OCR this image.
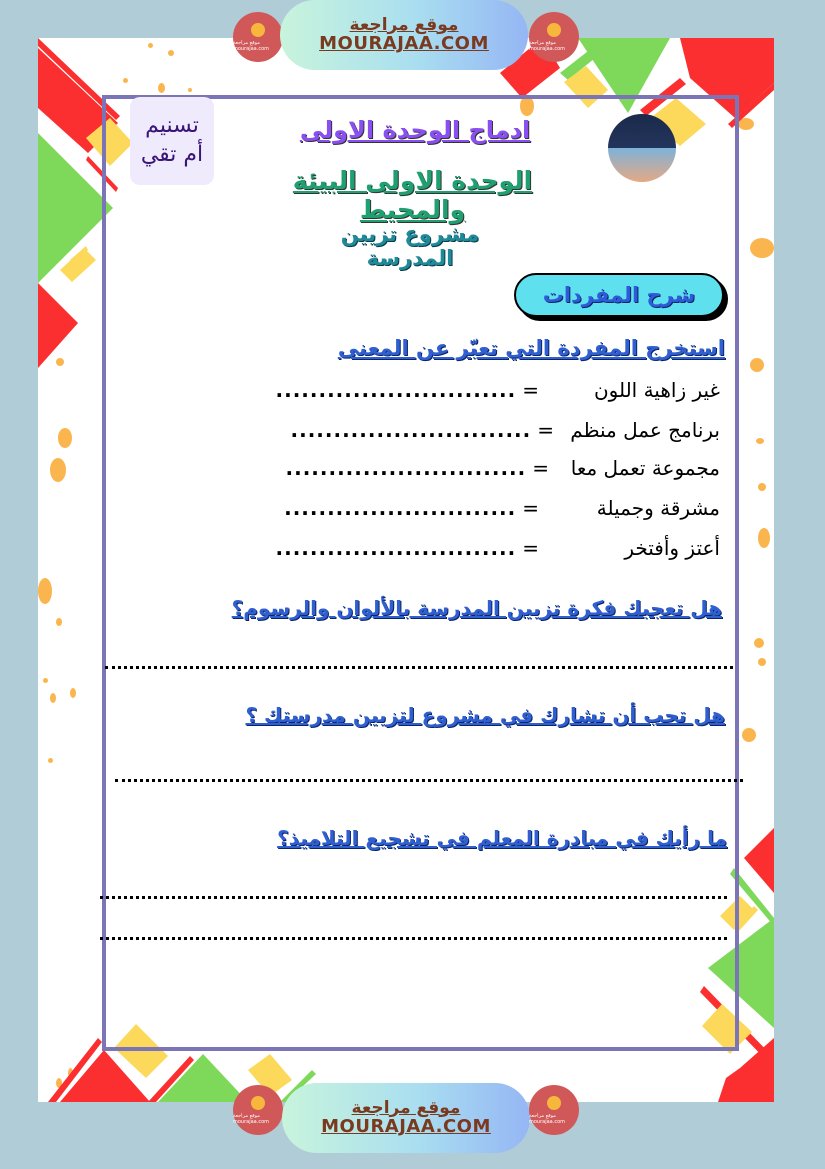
موقع مراجعة mourajaa.com
موقع مراجعة
MOURAJAA.COM	موقع مراجعة mourajaa.com
تسنيم
أم تقي
ادماج الوحدة الاولى
الوحدة الاولى البيئة والمحيط
مشروع تزيين المدرسة
شرح المفردات
استخرج المفردة التي تعبّر عن المعنى
غير زاهية اللون=............................
برنامج عمل منظم=............................
مجموعة تعمل معا=............................
مشرقة وجميلة=...........................
أعتز وأفتخر=............................
هل تعجبك فكرة تزيين المدرسة بالألوان والرسوم؟
هل تحب أن تشارك في مشروع لتزيين مدرستك ؟
ما رأيك في مبادرة المعلم في تشجيع التلاميذ؟
موقع مراجعة mourajaa.com
موقع مراجعة
MOURAJAA.COM
موقع مراجعة mourajaa.com
